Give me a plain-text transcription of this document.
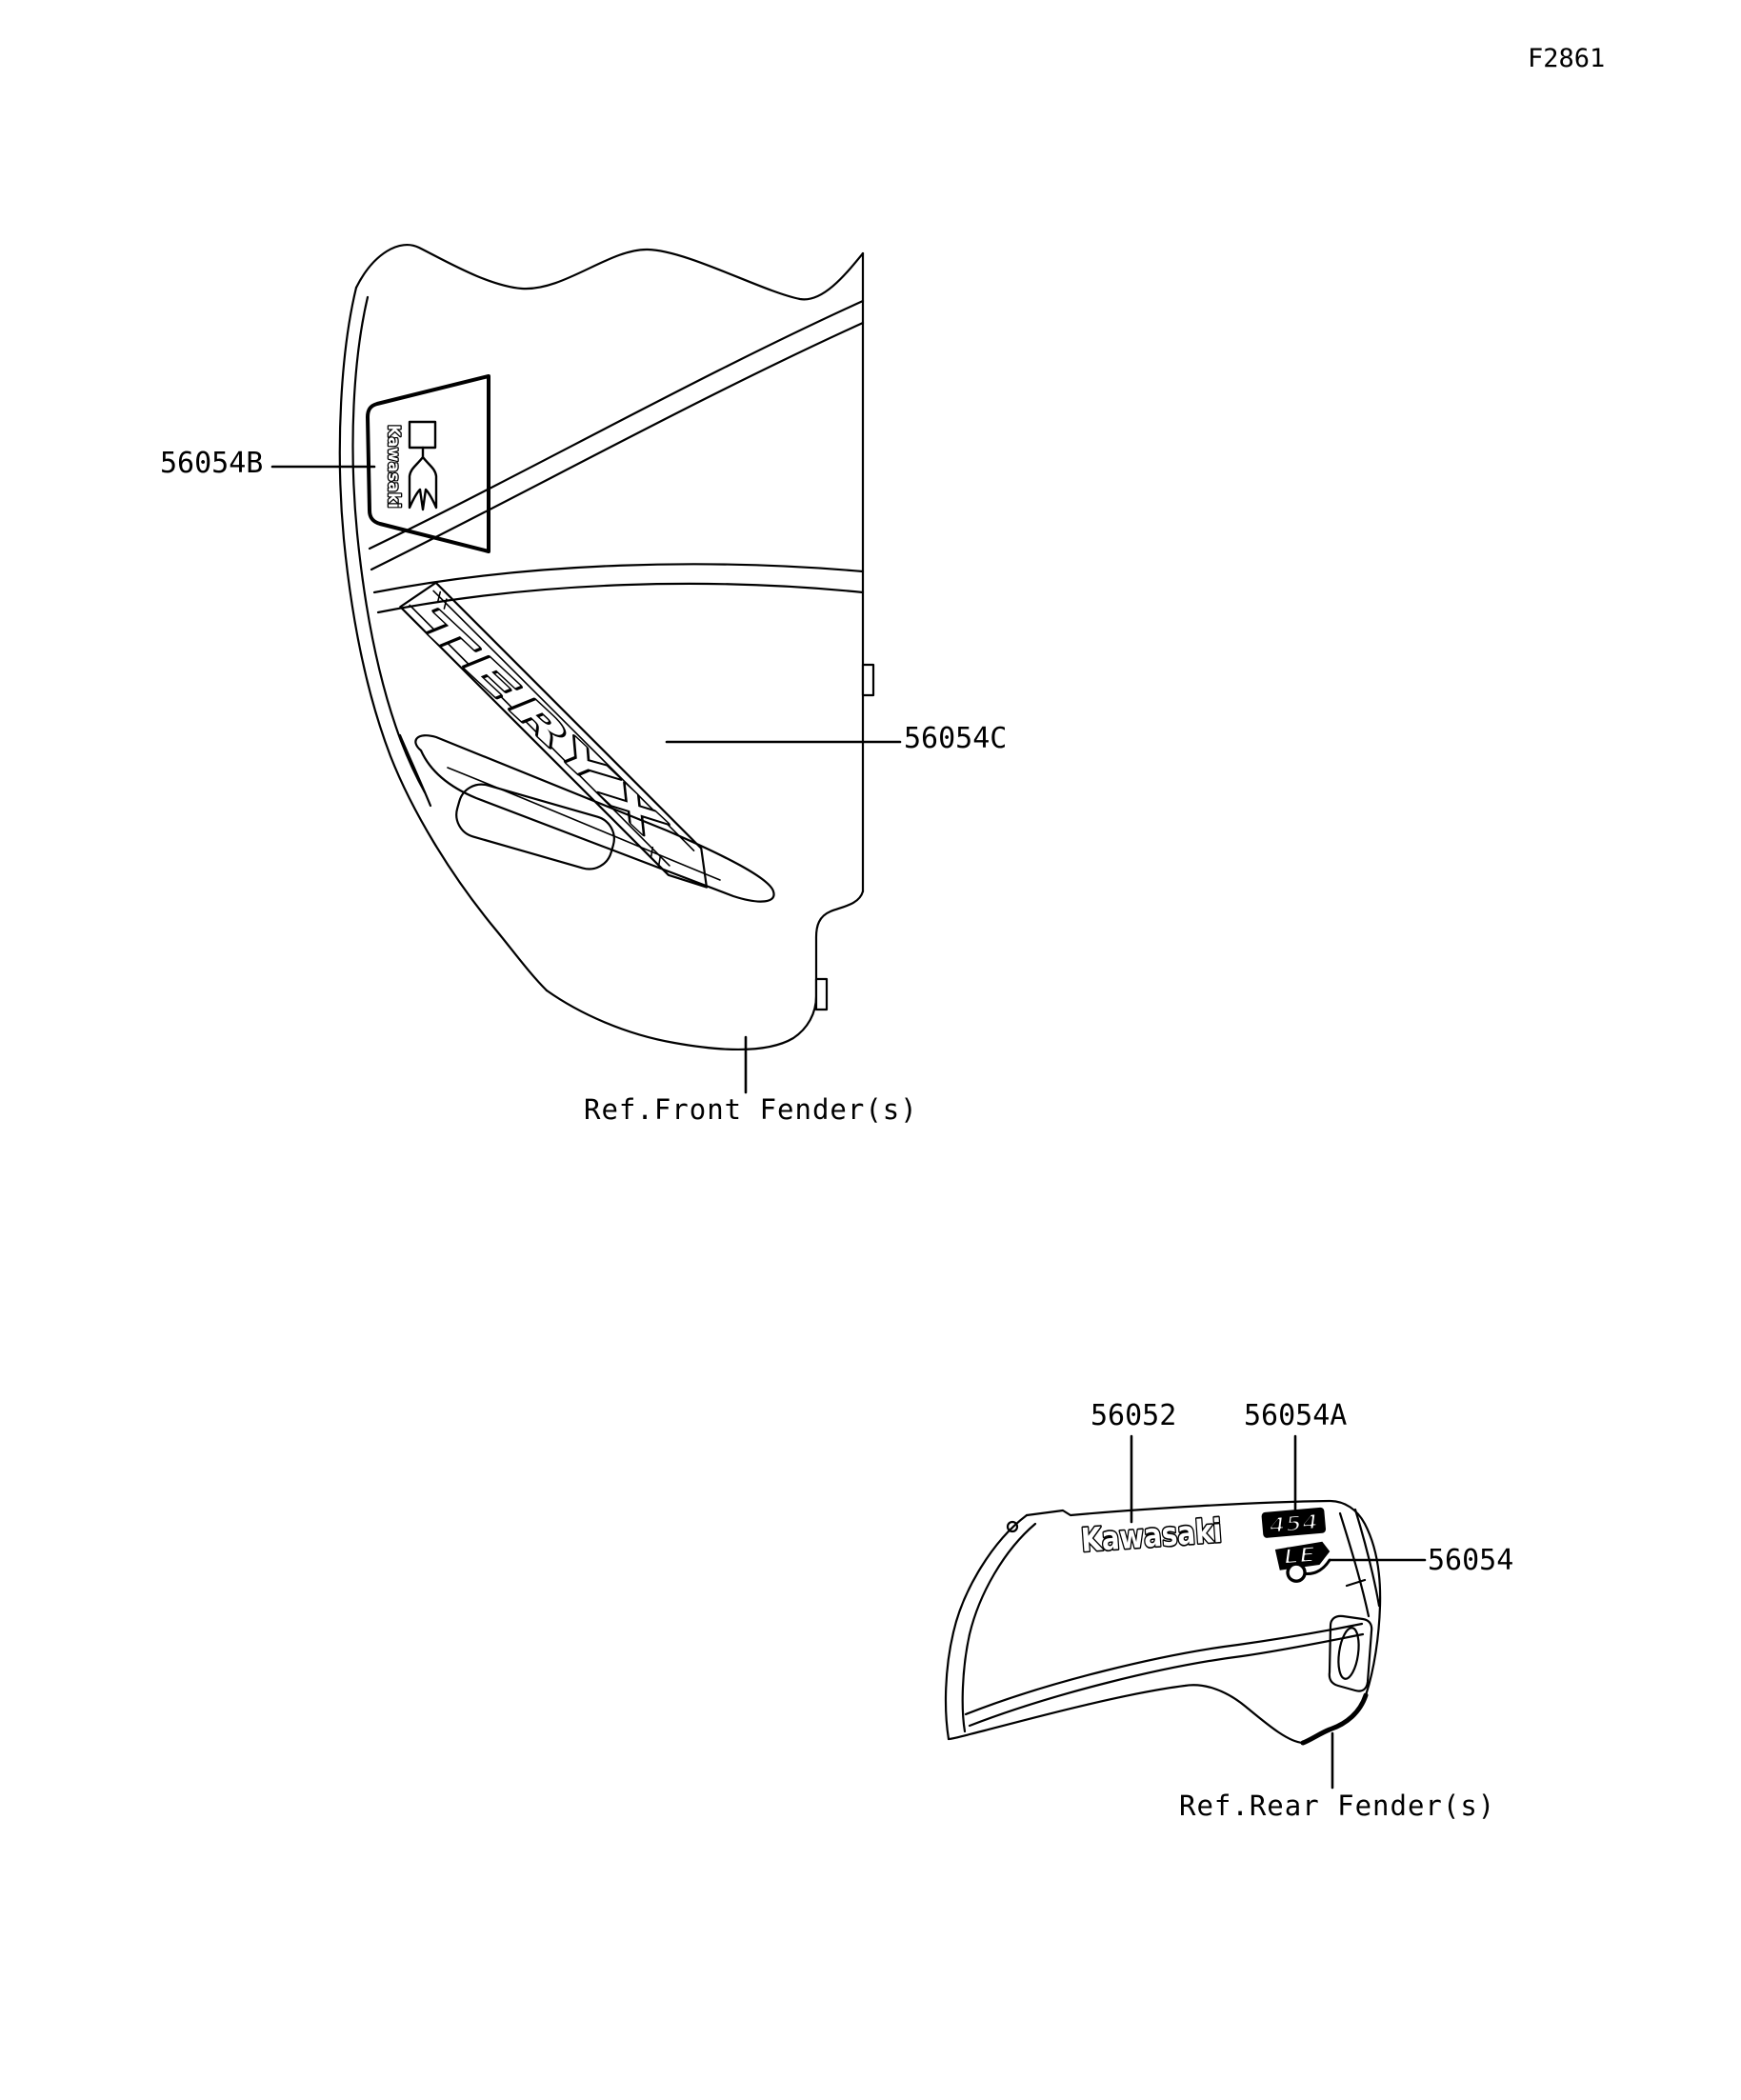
Kawasaki
TERYX
Kawasaki 454
LE
F2861
56054B
56054C
56052 56054A
56054
Ref.Front Fender(s)
Ref.Rear Fender(s)
